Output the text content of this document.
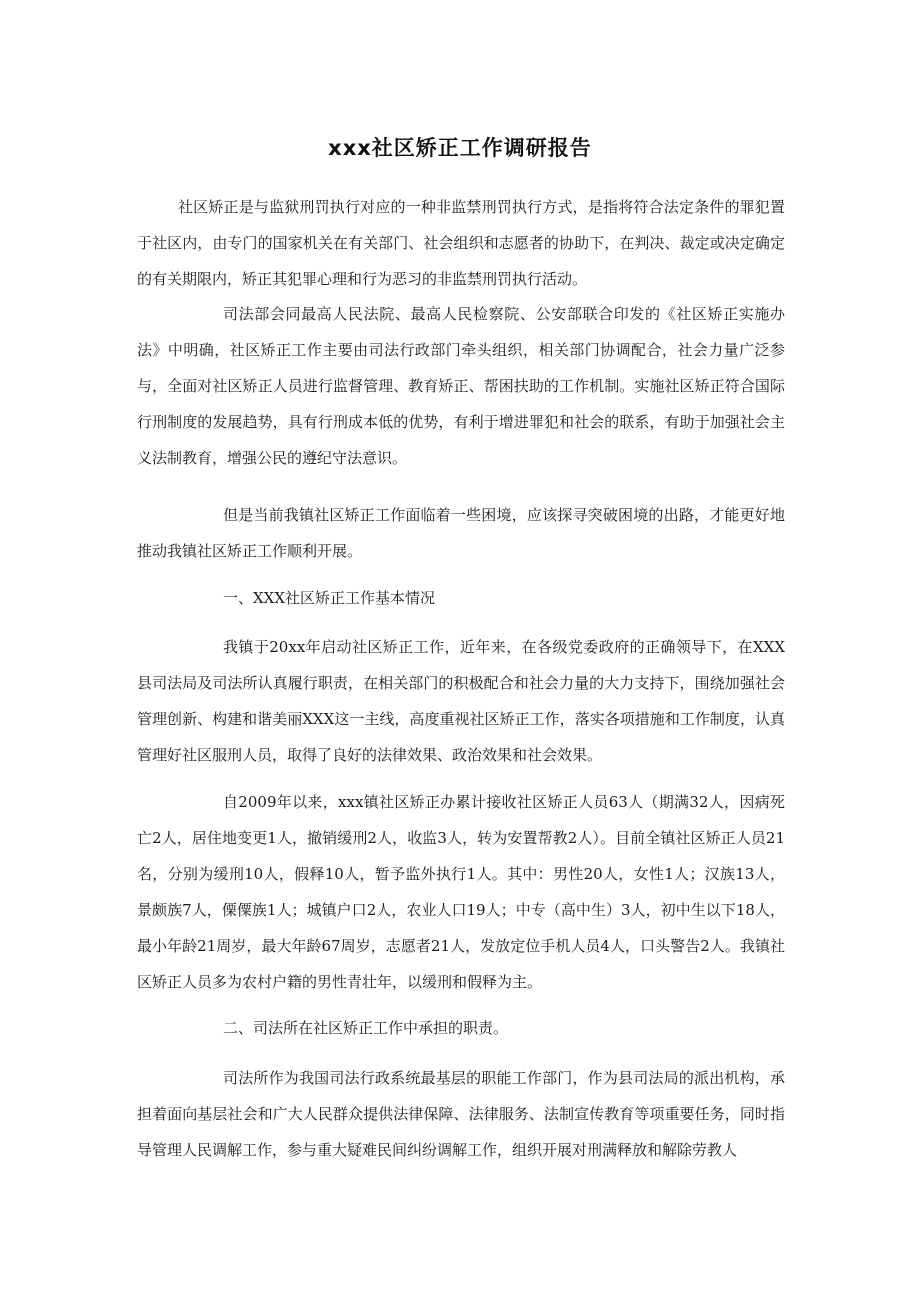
xxx社区矫正工作调研报告

社区矫正是与监狱刑罚执行对应的一种非监禁刑罚执行方式，是指将符合法定条件的罪犯置于社区内，由专门的国家机关在有关部门、社会组织和志愿者的协助下，在判决、裁定或决定确定的有关期限内，矫正其犯罪心理和行为恶习的非监禁刑罚执行活动。

司法部会同最高人民法院、最高人民检察院、公安部联合印发的《社区矫正实施办法》中明确，社区矫正工作主要由司法行政部门牵头组织，相关部门协调配合，社会力量广泛参与，全面对社区矫正人员进行监督管理、教育矫正、帮困扶助的工作机制。实施社区矫正符合国际行刑制度的发展趋势，具有行刑成本低的优势，有利于增进罪犯和社会的联系，有助于加强社会主义法制教育，增强公民的遵纪守法意识。

但是当前我镇社区矫正工作面临着一些困境，应该探寻突破困境的出路，才能更好地推动我镇社区矫正工作顺利开展。

一、XXX社区矫正工作基本情况

我镇于20xx年启动社区矫正工作，近年来，在各级党委政府的正确领导下，在XXX县司法局及司法所认真履行职责，在相关部门的积极配合和社会力量的大力支持下，围绕加强社会管理创新、构建和谐美丽XXX这一主线，高度重视社区矫正工作，落实各项措施和工作制度，认真管理好社区服刑人员，取得了良好的法律效果、政治效果和社会效果。

自2009年以来，xxx镇社区矫正办累计接收社区矫正人员63人（期满32人，因病死亡2人，居住地变更1人，撤销缓刑2人，收监3人，转为安置帮教2人）。目前全镇社区矫正人员21名，分别为缓刑10人，假释10人，暂予监外执行1人。其中：男性20人，女性1人；汉族13人，景颇族7人，傈僳族1人；城镇户口2人，农业人口19人；中专（高中生）3人，初中生以下18人，最小年龄21周岁，最大年龄67周岁，志愿者21人，发放定位手机人员4人，口头警告2人。我镇社区矫正人员多为农村户籍的男性青壮年，以缓刑和假释为主。

二、司法所在社区矫正工作中承担的职责。

司法所作为我国司法行政系统最基层的职能工作部门，作为县司法局的派出机构，承担着面向基层社会和广大人民群众提供法律保障、法律服务、法制宣传教育等项重要任务，同时指导管理人民调解工作，参与重大疑难民间纠纷调解工作，组织开展对刑满释放和解除劳教人
